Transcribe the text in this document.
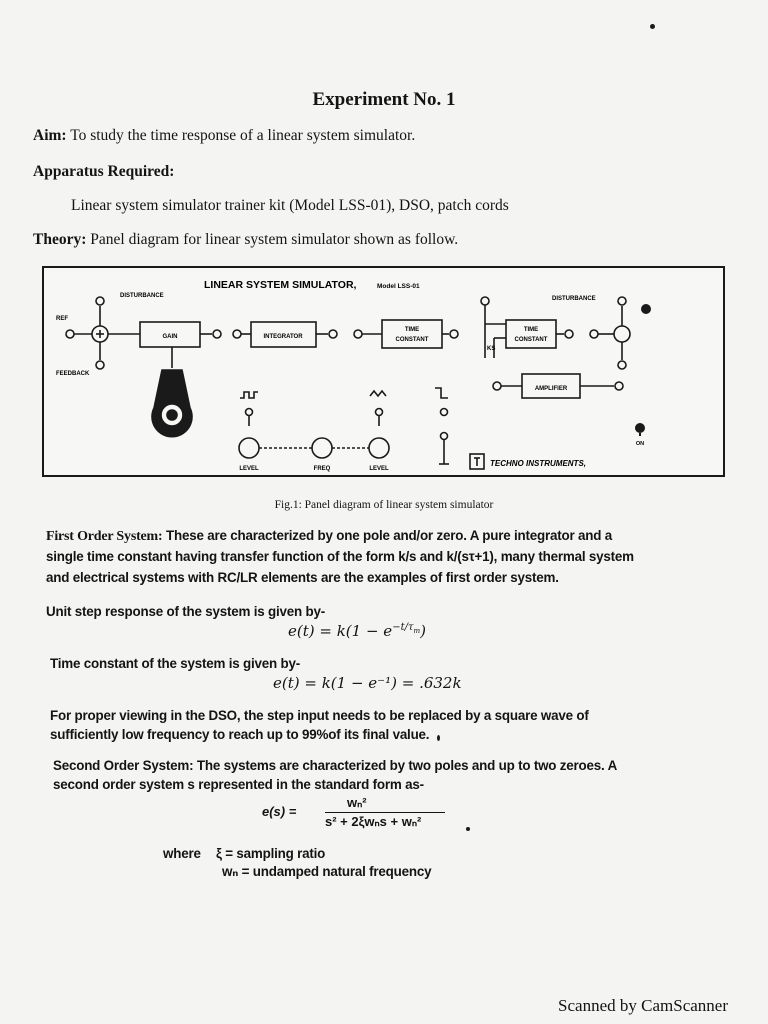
Experiment No. 1
Aim: To study the time response of a linear system simulator.
Apparatus Required:
Linear system simulator trainer kit (Model LSS-01), DSO, patch cords
Theory: Panel diagram for linear system simulator shown as follow.
LINEAR SYSTEM SIMULATOR,	Model LSS-01
DISTURBANCE	DISTURBANCE
REF
FEEDBACK
GAIN	INTEGRATOR
TIME
CONSTANT
TIME
CONSTANT
KS
AMPLIFIER
LEVEL	FREQ	LEVEL
ON
TECHNO INSTRUMENTS,
Fig.1: Panel diagram of linear system simulator
First Order System: These are characterized by one pole and/or zero. A pure integrator and a
single time constant having transfer function of the form k/s and k/(sτ+1), many thermal system
and electrical systems with RC/LR elements are the examples of first order system.
Unit step response of the system is given by-
$e(t) = k(1 - e^{-t/\tau_m})$
Time constant of the system is given by-
e(t) = k(1 − e⁻¹) = .632k
For proper viewing in the DSO, the step input needs to be replaced by a square wave of
sufficiently low frequency to reach up to 99%of its final value.
Second Order System: The systems are characterized by two poles and up to two zeroes. A
second order system s represented in the standard form as-
e(s) =
wₙ²
s² + 2ξwₙs + wₙ²
where ξ = sampling ratio
wₙ = undamped natural frequency
Scanned by CamScanner
